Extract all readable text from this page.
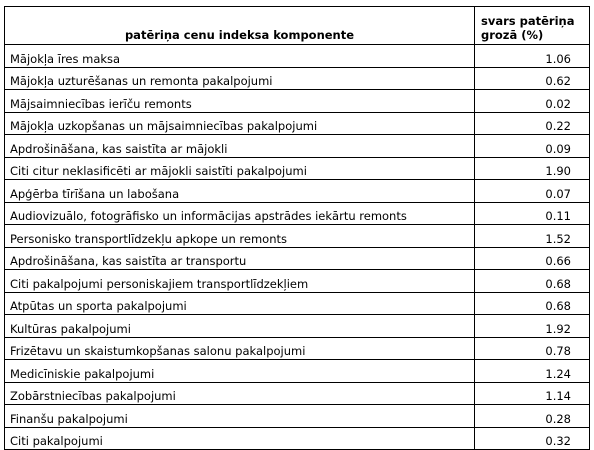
patēriņa cenu indeksa komponente	svars patēriņa grozā (%)
Mājokļa īres maksa	1.06
Mājokļa uzturēšanas un remonta pakalpojumi	0.62
Mājsaimniecības ierīču remonts	0.02
Mājokļa uzkopšanas un mājsaimniecības pakalpojumi	0.22
Apdrošināšana, kas saistīta ar mājokli	0.09
Citi citur neklasificēti ar mājokli saistīti pakalpojumi	1.90
Apģērba tīrīšana un labošana	0.07
Audiovizuālo, fotogrāfisko un informācijas apstrādes iekārtu remonts	0.11
Personisko transportlīdzekļu apkope un remonts	1.52
Apdrošināšana, kas saistīta ar transportu	0.66
Citi pakalpojumi personiskajiem transportlīdzekļiem	0.68
Atpūtas un sporta pakalpojumi	0.68
Kultūras pakalpojumi	1.92
Frizētavu un skaistumkopšanas salonu pakalpojumi	0.78
Medicīniskie pakalpojumi	1.24
Zobārstniecības pakalpojumi	1.14
Finanšu pakalpojumi	0.28
Citi pakalpojumi	0.32
